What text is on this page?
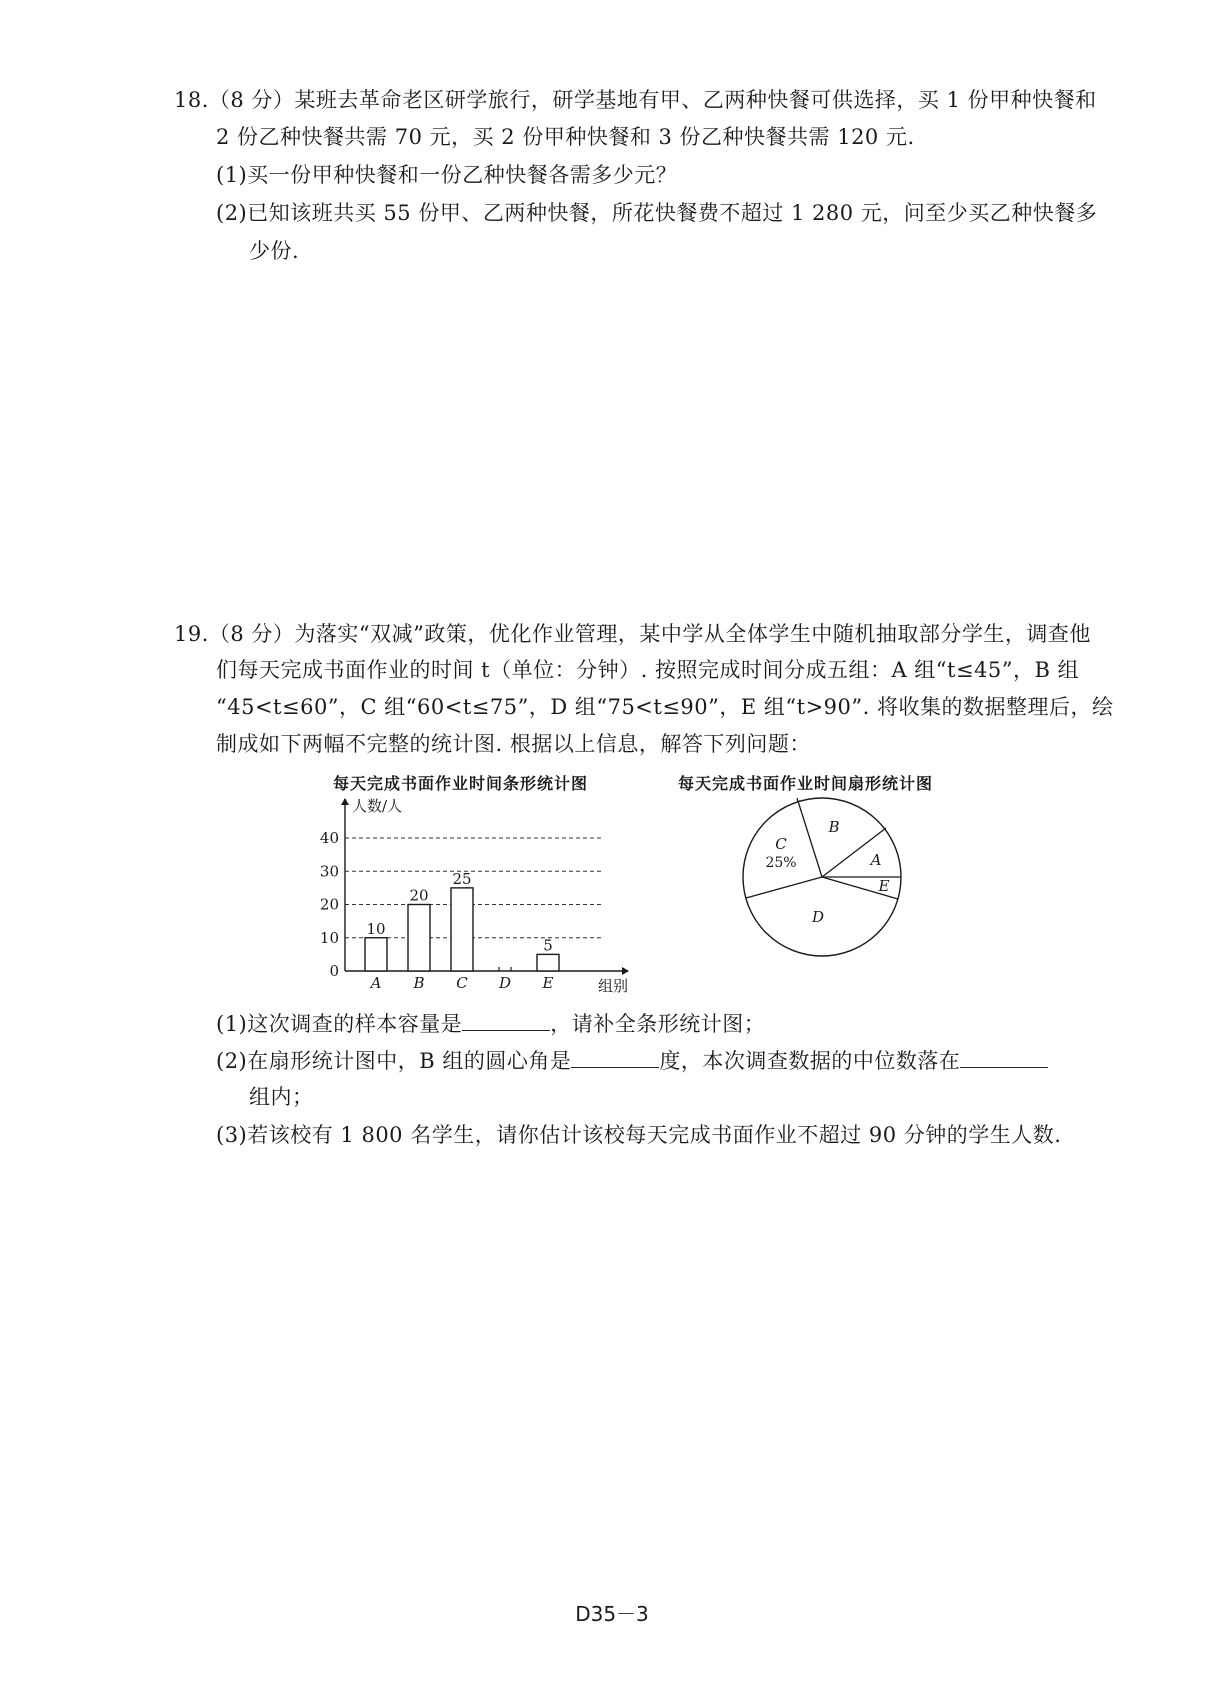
18.（8 分）某班去革命老区研学旅行，研学基地有甲、乙两种快餐可供选择，买 1 份甲种快餐和
2 份乙种快餐共需 70 元，买 2 份甲种快餐和 3 份乙种快餐共需 120 元.
(1)买一份甲种快餐和一份乙种快餐各需多少元？
(2)已知该班共买 55 份甲、乙两种快餐，所花快餐费不超过 1 280 元，问至少买乙种快餐多
少份.
19.（8 分）为落实“双减”政策，优化作业管理，某中学从全体学生中随机抽取部分学生，调查他
们每天完成书面作业的时间 t（单位：分钟）. 按照完成时间分成五组：A 组“t≤45”，B 组
“45<t≤60”，C 组“60<t≤75”，D 组“75<t≤90”，E 组“t>90”. 将收集的数据整理后，绘
制成如下两幅不完整的统计图. 根据以上信息，解答下列问题：
每天完成书面作业时间条形统计图	每天完成书面作业时间扇形统计图
人数/人
组别
0
10
20
30
40
10
A
20
B
25
C D
5
E
C
25%
B
A
E
D
(1)这次调查的样本容量是	，请补全条形统计图；
(2)在扇形统计图中，B 组的圆心角是	度，本次调查数据的中位数落在
组内；
(3)若该校有 1 800 名学生，请你估计该校每天完成书面作业不超过 90 分钟的学生人数.
D35－3
